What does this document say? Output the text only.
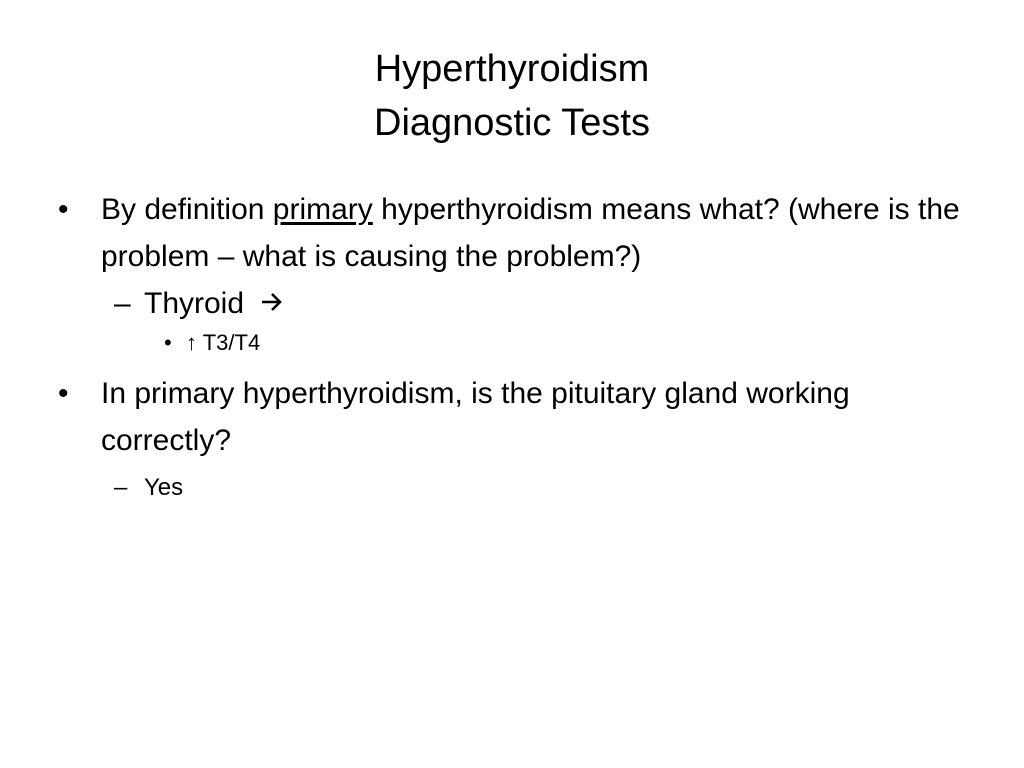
Hyperthyroidism
Diagnostic Tests
•	By definition primary hyperthyroidism means what? (where is the problem – what is causing the problem?)
– Thyroid
• ↑ T3/T4
•	In primary hyperthyroidism, is the pituitary gland working correctly?
– Yes
